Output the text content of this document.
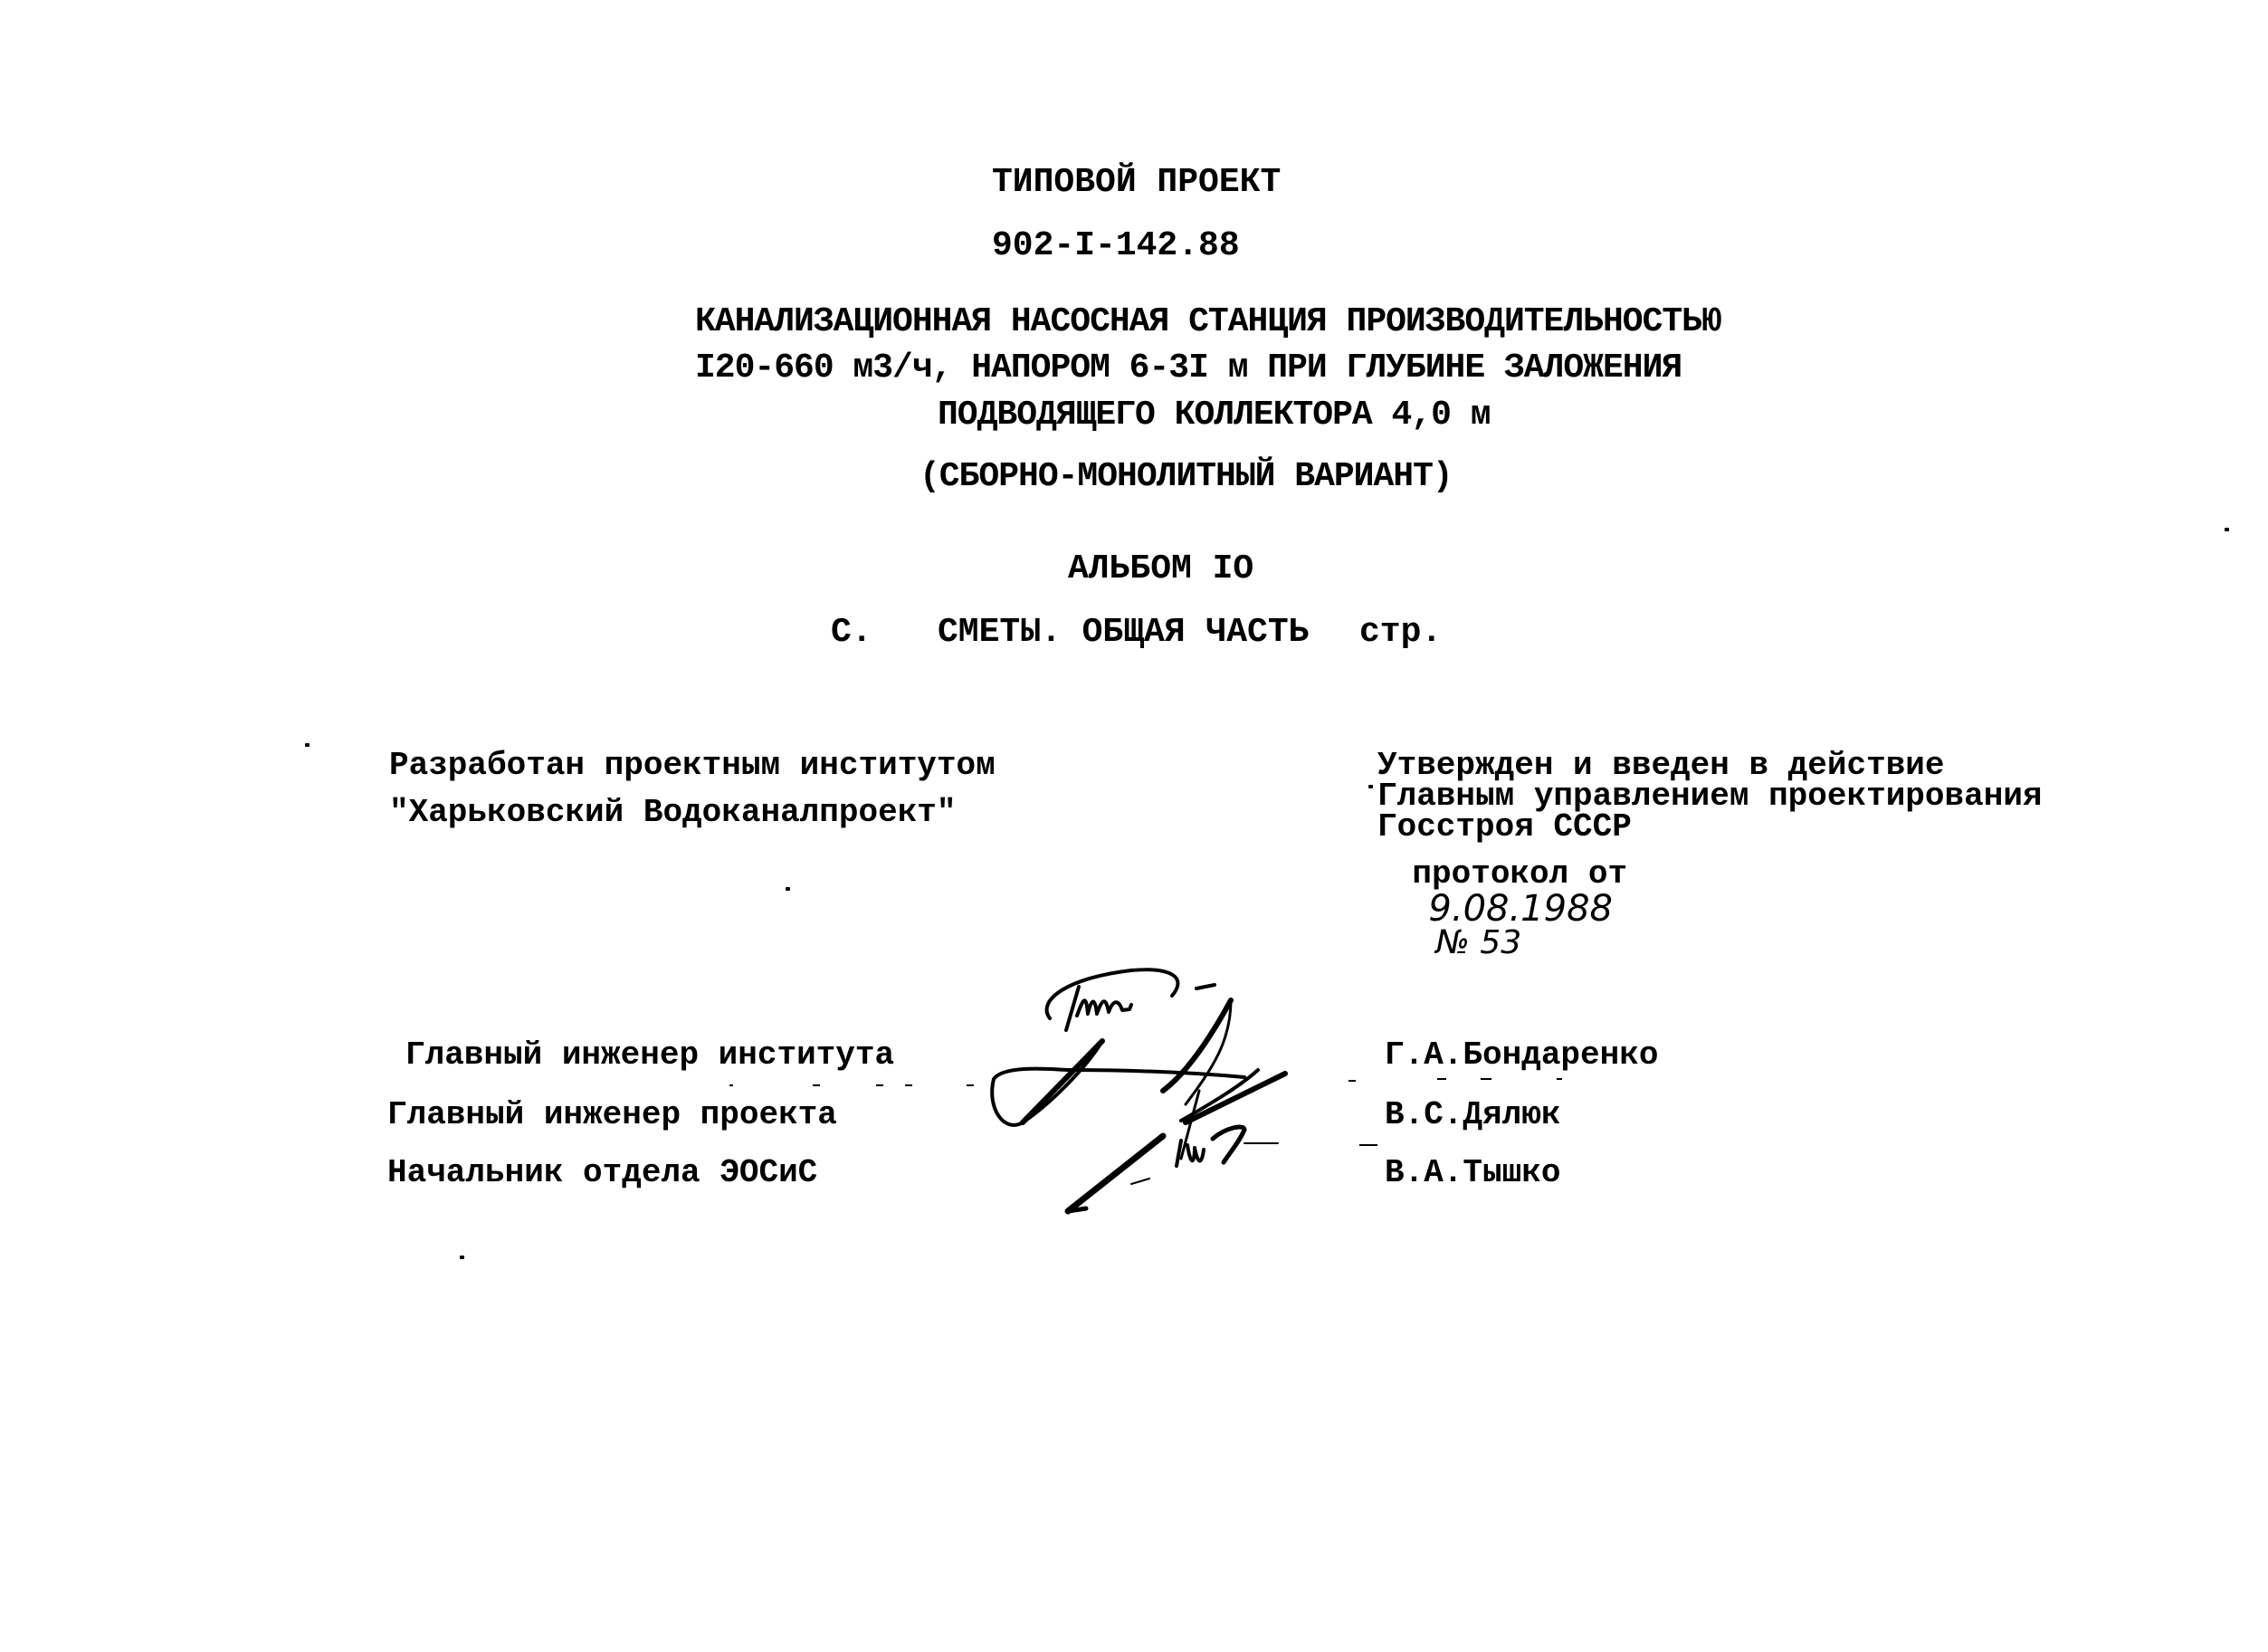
ТИПОВОЙ ПРОЕКТ
902-I-142.88
КАНАЛИЗАЦИОННАЯ НАСОСНАЯ СТАНЦИЯ ПРОИЗВОДИТЕЛЬНОСТЬЮ
I20-660 м3/ч, НАПОРОМ 6-3I м ПРИ ГЛУБИНЕ ЗАЛОЖЕНИЯ
ПОДВОДЯЩЕГО КОЛЛЕКТОРА 4,0 м
(СБОРНО-МОНОЛИТНЫЙ ВАРИАНТ)
АЛЬБОМ IO
С. СМЕТЫ. ОБЩАЯ ЧАСТЬ стр.
Разработан проектным институтом
"Харьковский Водоканалпроект"
Утвержден и введен в действие
Главным управлением проектирования
Госстроя СССР

протокол от
9.08.1988
№ 53

Главный инженер института
Главный инженер проекта
Начальник отдела ЭОСиС
Г.А.Бондаренко
В.С.Дялюк
В.А.Тышко
